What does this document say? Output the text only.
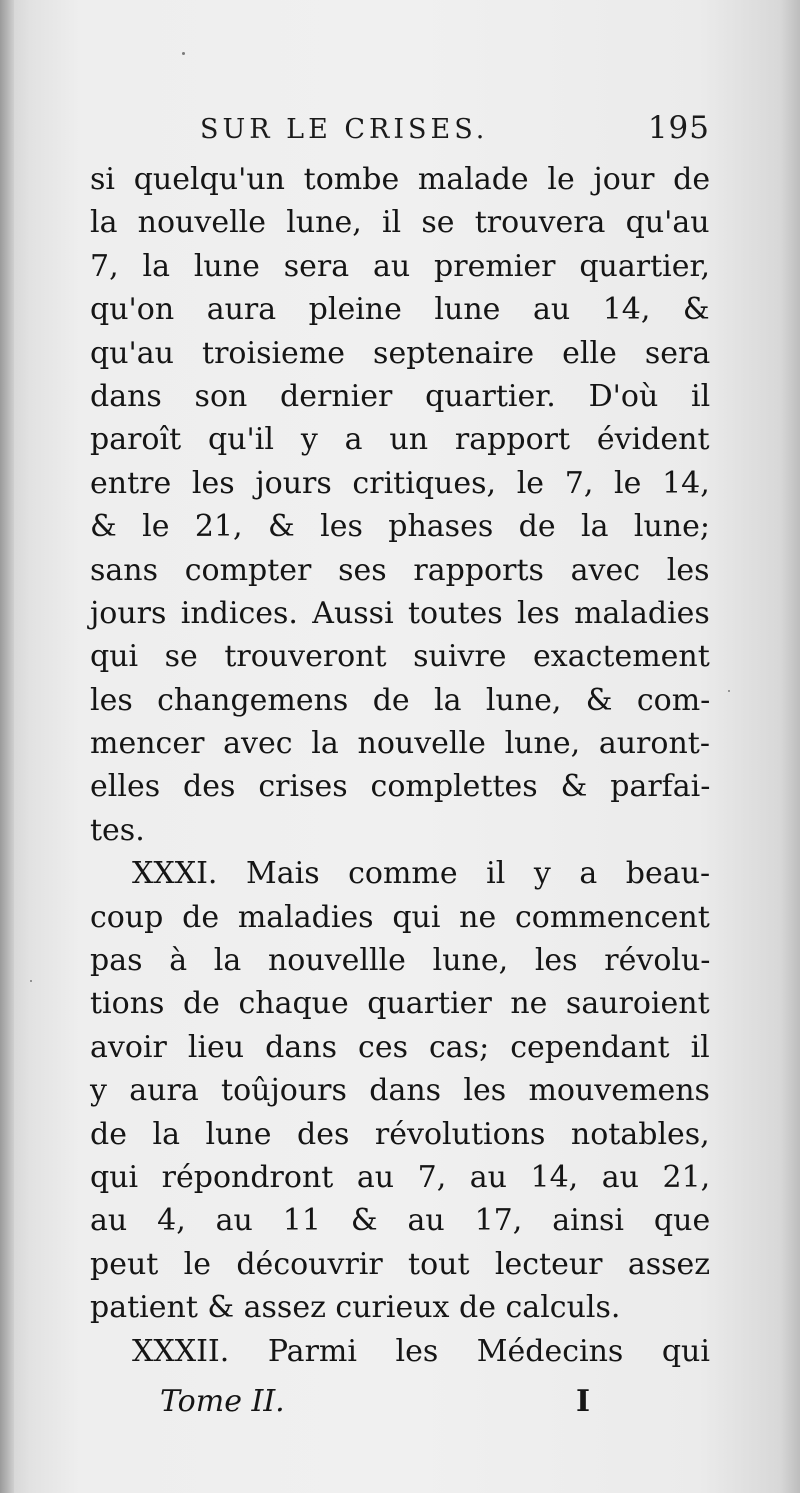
SUR LE CRISES.	195
si quelqu'un tombe malade le jour de
la nouvelle lune, il se trouvera qu'au
7, la lune sera au premier quartier,
qu'on aura pleine lune au 14, &
qu'au troisieme septenaire elle sera
dans son dernier quartier. D'où il
paroît qu'il y a un rapport évident
entre les jours critiques, le 7, le 14,
& le 21, & les phases de la lune;
sans compter ses rapports avec les
jours indices. Aussi toutes les maladies
qui se trouveront suivre exactement
les changemens de la lune, & com-
mencer avec la nouvelle lune, auront-
elles des crises complettes & parfai-
tes.
XXXI. Mais comme il y a beau-
coup de maladies qui ne commencent
pas à la nouvellle lune, les révolu-
tions de chaque quartier ne sauroient
avoir lieu dans ces cas; cependant il
y aura toûjours dans les mouvemens
de la lune des révolutions notables,
qui répondront au 7, au 14, au 21,
au 4, au 11 & au 17, ainsi que
peut le découvrir tout lecteur assez
patient & assez curieux de calculs.
XXXII. Parmi les Médecins qui
Tome II.	I
